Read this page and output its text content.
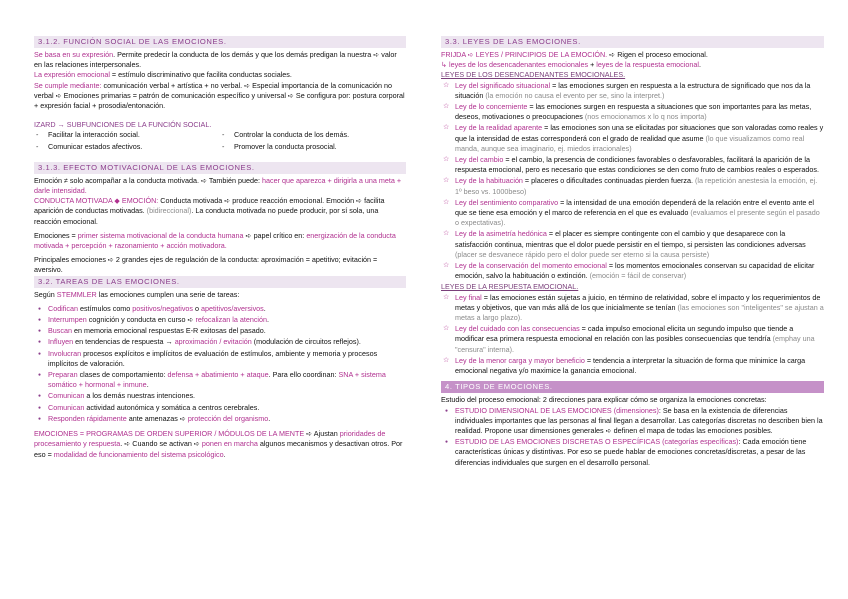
3.1.2. FUNCIÓN SOCIAL DE LAS EMOCIONES.

Se basa en su expresión. Permite predecir la conducta de los demás y que los demás predigan la nuestra ➪ valor en las relaciones interpersonales.

La expresión emocional = estímulo discriminativo que facilita conductas sociales.

Se cumple mediante: comunicación verbal + artística + no verbal. ➪ Especial importancia de la comunicación no verbal ➪ Emociones primarias = patrón de comunicación específico y universal ➪ Se configura por: postura corporal + expresión facial + prosodia/entonación.

IZARD → SUBFUNCIONES DE LA FUNCIÓN SOCIAL.

- Facilitar la interacción social.
- Comunicar estados afectivos.
- Controlar la conducta de los demás.
- Promover la conducta prosocial.
3.1.3. EFECTO MOTIVACIONAL DE LAS EMOCIONES.

Emoción ≠ solo acompañar a la conducta motivada. ➪ También puede: hacer que aparezca + dirigirla a una meta + darle intensidad.

CONDUCTA MOTIVADA ◆ EMOCIÓN: Conducta motivada ➪ produce reacción emocional. Emoción ➪ facilita aparición de conductas motivadas. (bidireccional). La conducta motivada no puede producir, por sí sola, una reacción emocional.

Emociones = primer sistema motivacional de la conducta humana ➪ papel crítico en: energización de la conducta motivada + percepción + razonamiento + acción motivadora.

Principales emociones ➪ 2 grandes ejes de regulación de la conducta: aproximación = apetitivo; evitación = aversivo.

3.2. TAREAS DE LAS EMOCIONES.

Según STEMMLER las emociones cumplen una serie de tareas:

● Codifican estímulos como positivos/negativos o apetitivos/aversivos.
● Interrumpen cognición y conducta en curso ➪ refocalizan la atención.
● Buscan en memoria emocional respuestas E-R exitosas del pasado.
● Influyen en tendencias de respuesta → aproximación / evitación (modulación de circuitos reflejos).
● Involucran procesos explícitos e implícitos de evaluación de estímulos, ambiente y memoria y procesos implícitos de valoración.
● Preparan clases de comportamiento: defensa + abatimiento + ataque. Para ello coordinan: SNA + sistema somático + hormonal + inmune.
● Comunican a los demás nuestras intenciones.
● Comunican actividad autonómica y somática a centros cerebrales.
● Responden rápidamente ante amenazas ➪ protección del organismo.

EMOCIONES = PROGRAMAS DE ORDEN SUPERIOR / MÓDULOS DE LA MENTE ➪ Ajustan prioridades de procesamiento y respuesta. ➪ Cuando se activan ➪ ponen en marcha algunos mecanismos y desactivan otros. Por eso = modalidad de funcionamiento del sistema psicológico.

3.3. LEYES DE LAS EMOCIONES.

FRIJDA ➪ LEYES / PRINCIPIOS DE LA EMOCIÓN. ➪ Rigen el proceso emocional.

↳ leyes de los desencadenantes emocionales + leyes de la respuesta emocional.

LEYES DE LOS DESENCADENANTES EMOCIONALES.

☆ Ley del significado situacional = las emociones surgen en respuesta a la estructura de significado que nos da la situación (la emoción no causa el evento per se, sino la interpret.)
☆ Ley de lo concerniente = las emociones surgen en respuesta a situaciones que son importantes para las metas, deseos, motivaciones o preocupaciones (nos emocionamos x lo q nos importa)
☆ Ley de la realidad aparente = las emociones son una se elicitadas por situaciones que son valoradas como reales y que la intensidad de estas corresponderá con el grado de realidad que asume (lo que visualizamos como real manda, aunque sea imaginario, ej. miedos irracionales)
☆ Ley del cambio = el cambio, la presencia de condiciones favorables o desfavorables, facilitará la aparición de la respuesta emocional, pero es necesario que estas condiciones se den como fruto de cambios reales o esperados.
☆ Ley de la habituación = placeres o dificultades continuadas pierden fuerza. (la repetición anestesia la emoción, ej. 1º beso vs. 1000beso)
☆ Ley del sentimiento comparativo = la intensidad de una emoción dependerá de la relación entre el evento ante el que se tiene esa emoción y el marco de referencia en el que es evaluado (evaluamos el presente según el pasado o expectativas).
☆ Ley de la asimetría hedónica = el placer es siempre contingente con el cambio y que desaparece con la satisfacción continua, mientras que el dolor puede persistir en el tiempo, si persisten las condiciones adversas (placer se desvanece rápido pero el dolor puede ser eterno si la causa persiste)
☆ Ley de la conservación del momento emocional = los momentos emocionales conservan su capacidad de elicitar emoción, salvo la habituación o extinción. (emoción = fácil de conservar)

LEYES DE LA RESPUESTA EMOCIONAL.

☆ Ley final = las emociones están sujetas a juicio, en término de relatividad, sobre el impacto y los requerimientos de metas y objetivos, que van más allá de los que inicialmente se tenían (las emociones son "inteligentes" se ajustan a metas a largo plazo).
☆ Ley del cuidado con las consecuencias = cada impulso emocional elicita un segundo impulso que tiende a modificar esa primera respuesta emocional en relación con las posibles consecuencias que tendría (emphay una "censura" interna).
☆ Ley de la menor carga y mayor beneficio = tendencia a interpretar la situación de forma que minimice la carga emocional negativa y/o maximice la ganancia emocional.
4. TIPOS DE EMOCIONES.

Estudio del proceso emocional: 2 direcciones para explicar cómo se organiza la emociones concretas:

● ESTUDIO DIMENSIONAL DE LAS EMOCIONES (dimensiones): Se basa en la existencia de diferencias individuales importantes que las personas al final llegan a desarrollar. Las categorías discretas no describen bien la realidad. Propone usar dimensiones generales ➪ definen el mapa de todas las emociones posibles.
● ESTUDIO DE LAS EMOCIONES DISCRETAS O ESPECÍFICAS (categorías específicas): Cada emoción tiene características únicas y distintivas. Por eso se puede hablar de emociones concretas/discretas, a pesar de las diferencias individuales que surgen en el desarrollo personal.
